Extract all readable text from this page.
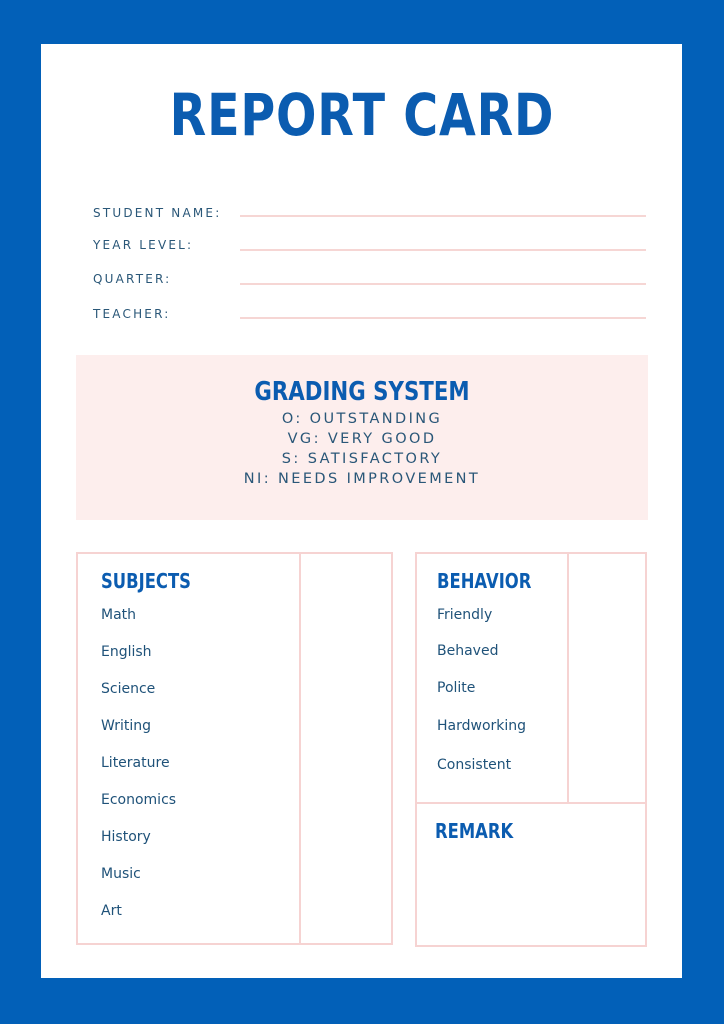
REPORT CARD
STUDENT NAME:
YEAR LEVEL:
QUARTER:
TEACHER:
GRADING SYSTEM
O: OUTSTANDING
VG: VERY GOOD
S: SATISFACTORY
NI: NEEDS IMPROVEMENT
SUBJECTS
Math
English
Science
Writing
Literature
Economics
History
Music
Art
BEHAVIOR
Friendly
Behaved
Polite
Hardworking
Consistent
REMARK
